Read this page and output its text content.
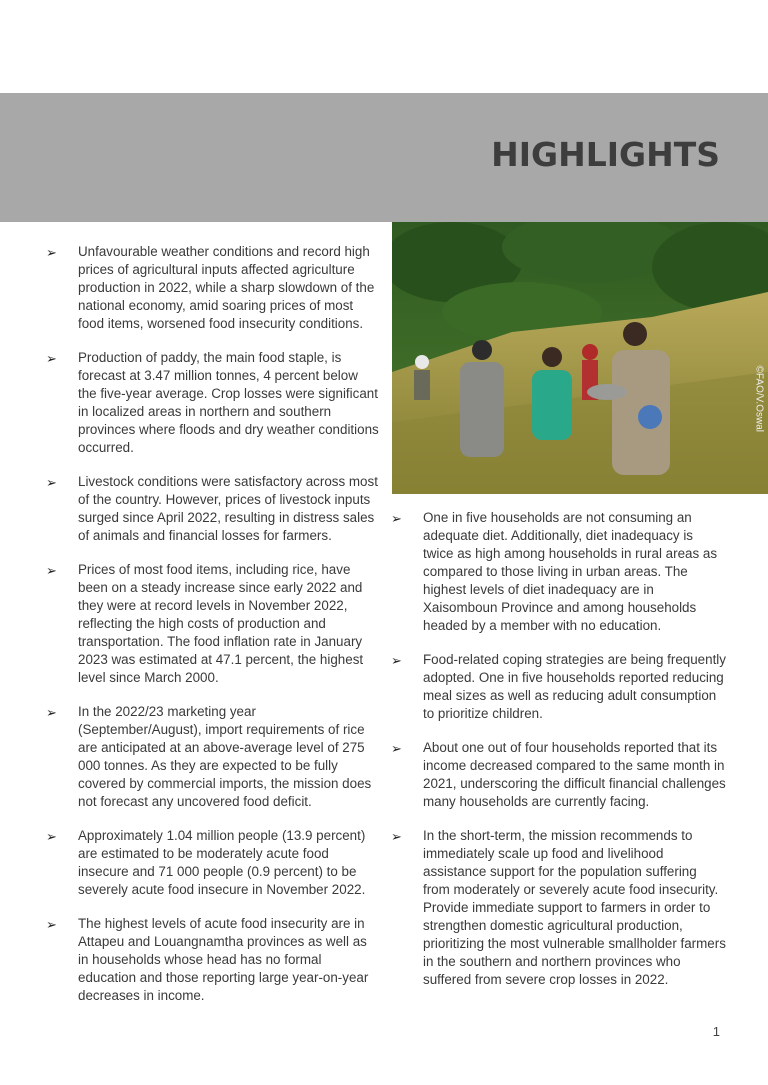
HIGHLIGHTS
©FAO/V.Oswal
➢ Unfavourable weather conditions and record high prices of agricultural inputs affected agriculture production in 2022, while a sharp slowdown of the national economy, amid soaring prices of most food items, worsened food insecurity conditions.
➢ Production of paddy, the main food staple, is forecast at 3.47 million tonnes, 4 percent below the five-year average. Crop losses were significant in localized areas in northern and southern provinces where floods and dry weather conditions occurred.
➢ Livestock conditions were satisfactory across most of the country. However, prices of livestock inputs surged since April 2022, resulting in distress sales of animals and financial losses for farmers.
➢ Prices of most food items, including rice, have been on a steady increase since early 2022 and they were at record levels in November 2022, reflecting the high costs of production and transportation. The food inflation rate in January 2023 was estimated at 47.1 percent, the highest level since March 2000.
➢ In the 2022/23 marketing year (September/August), import requirements of rice are anticipated at an above-average level of 275 000 tonnes. As they are expected to be fully covered by commercial imports, the mission does not forecast any uncovered food deficit.
➢ Approximately 1.04 million people (13.9 percent) are estimated to be moderately acute food insecure and 71 000 people (0.9 percent) to be severely acute food insecure in November 2022.
➢ The highest levels of acute food insecurity are in Attapeu and Louangnamtha provinces as well as in households whose head has no formal education and those reporting large year-on-year decreases in income.
➢ One in five households are not consuming an adequate diet. Additionally, diet inadequacy is twice as high among households in rural areas as compared to those living in urban areas. The highest levels of diet inadequacy are in Xaisomboun Province and among households headed by a member with no education.
➢ Food-related coping strategies are being frequently adopted. One in five households reported reducing meal sizes as well as reducing adult consumption to prioritize children.
➢ About one out of four households reported that its income decreased compared to the same month in 2021, underscoring the difficult financial challenges many households are currently facing.
➢ In the short-term, the mission recommends to immediately scale up food and livelihood assistance support for the population suffering from moderately or severely acute food insecurity. Provide immediate support to farmers in order to strengthen domestic agricultural production, prioritizing the most vulnerable smallholder farmers in the southern and northern provinces who suffered from severe crop losses in 2022.
1
